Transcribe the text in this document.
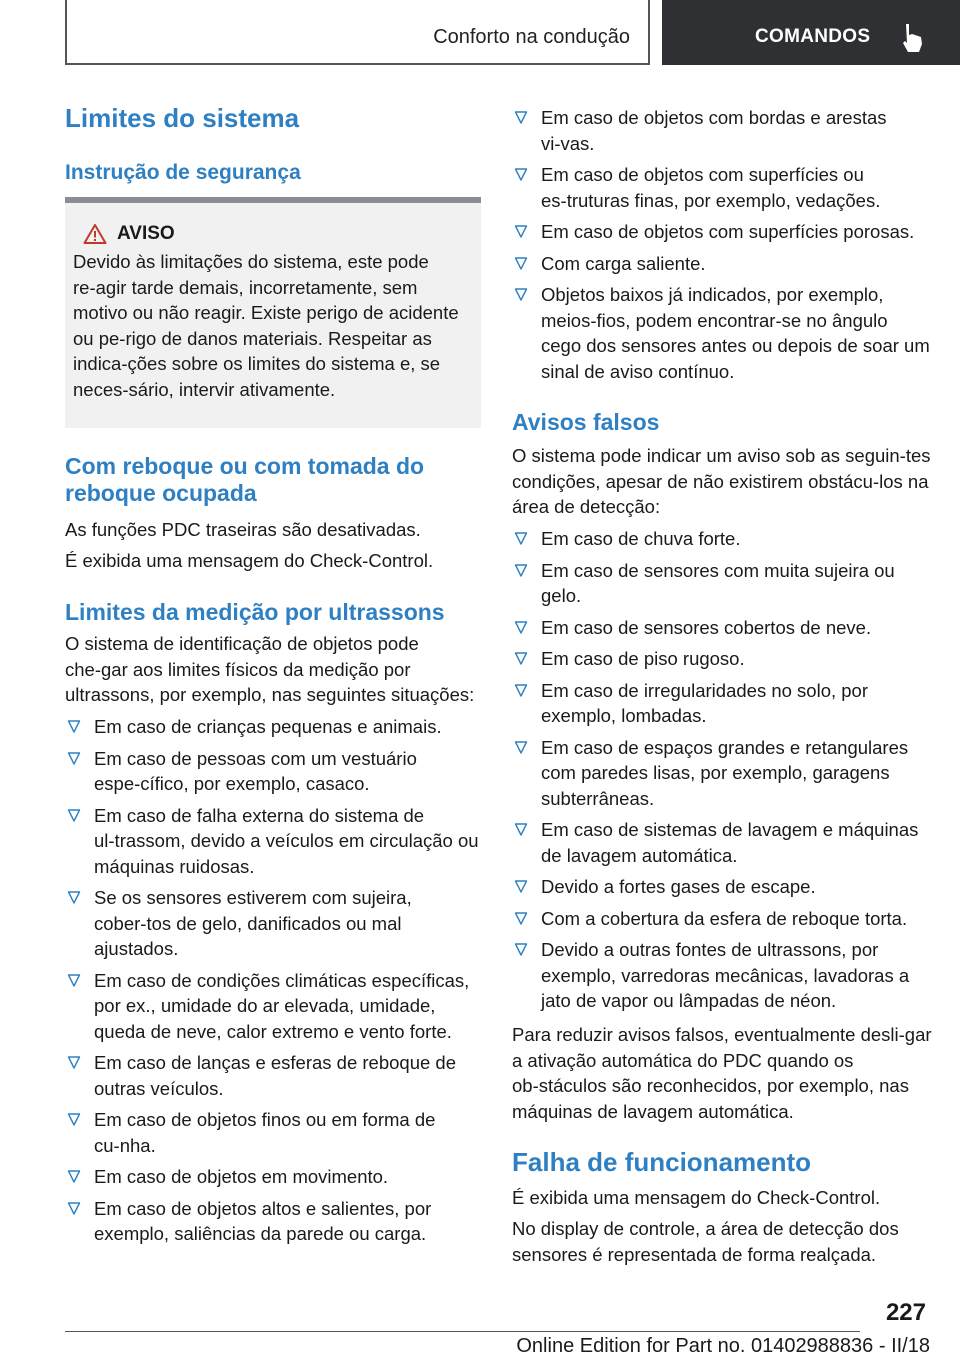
Conforto na condução	COMANDOS
Limites do sistema
Instrução de segurança
AVISO

Devido às limitações do sistema, este pode re‑agir tarde demais, incorretamente, sem motivo ou não reagir. Existe perigo de acidente ou pe‑rigo de danos materiais. Respeitar as indica‑ções sobre os limites do sistema e, se neces‑sário, intervir ativamente.

Com reboque ou com tomada do reboque ocupada

As funções PDC traseiras são desativadas.

É exibida uma mensagem do Check-Control.

Limites da medição por ultrassons

O sistema de identificação de objetos pode che‑gar aos limites físicos da medição por ultrassons, por exemplo, nas seguintes situações:

Em caso de crianças pequenas e animais.
Em caso de pessoas com um vestuário espe‑cífico, por exemplo, casaco.
Em caso de falha externa do sistema de ul‑trassom, devido a veículos em circulação ou máquinas ruidosas.
Se os sensores estiverem com sujeira, cober‑tos de gelo, danificados ou mal ajustados.
Em caso de condições climáticas específicas, por ex., umidade do ar elevada, umidade, queda de neve, calor extremo e vento forte.
Em caso de lanças e esferas de reboque de outras veículos.
Em caso de objetos finos ou em forma de cu‑nha.
Em caso de objetos em movimento.
Em caso de objetos altos e salientes, por exemplo, saliências da parede ou carga.
Em caso de objetos com bordas e arestas vi‑vas.
Em caso de objetos com superfícies ou es‑truturas finas, por exemplo, vedações.
Em caso de objetos com superfícies porosas.
Com carga saliente.
Objetos baixos já indicados, por exemplo, meios-fios, podem encontrar-se no ângulo cego dos sensores antes ou depois de soar um sinal de aviso contínuo.
Avisos falsos

O sistema pode indicar um aviso sob as seguin‑tes condições, apesar de não existirem obstácu‑los na área de detecção:

Em caso de chuva forte.
Em caso de sensores com muita sujeira ou gelo.
Em caso de sensores cobertos de neve.
Em caso de piso rugoso.
Em caso de irregularidades no solo, por exemplo, lombadas.
Em caso de espaços grandes e retangulares com paredes lisas, por exemplo, garagens subterrâneas.
Em caso de sistemas de lavagem e máquinas de lavagem automática.
Devido a fortes gases de escape.
Com a cobertura da esfera de reboque torta.
Devido a outras fontes de ultrassons, por exemplo, varredoras mecânicas, lavadoras a jato de vapor ou lâmpadas de néon.

Para reduzir avisos falsos, eventualmente desli‑gar a ativação automática do PDC quando os ob‑stáculos são reconhecidos, por exemplo, nas máquinas de lavagem automática.

Falha de funcionamento

É exibida uma mensagem do Check-Control.

No display de controle, a área de detecção dos sensores é representada de forma realçada.

227
Online Edition for Part no. 01402988836 - II/18
